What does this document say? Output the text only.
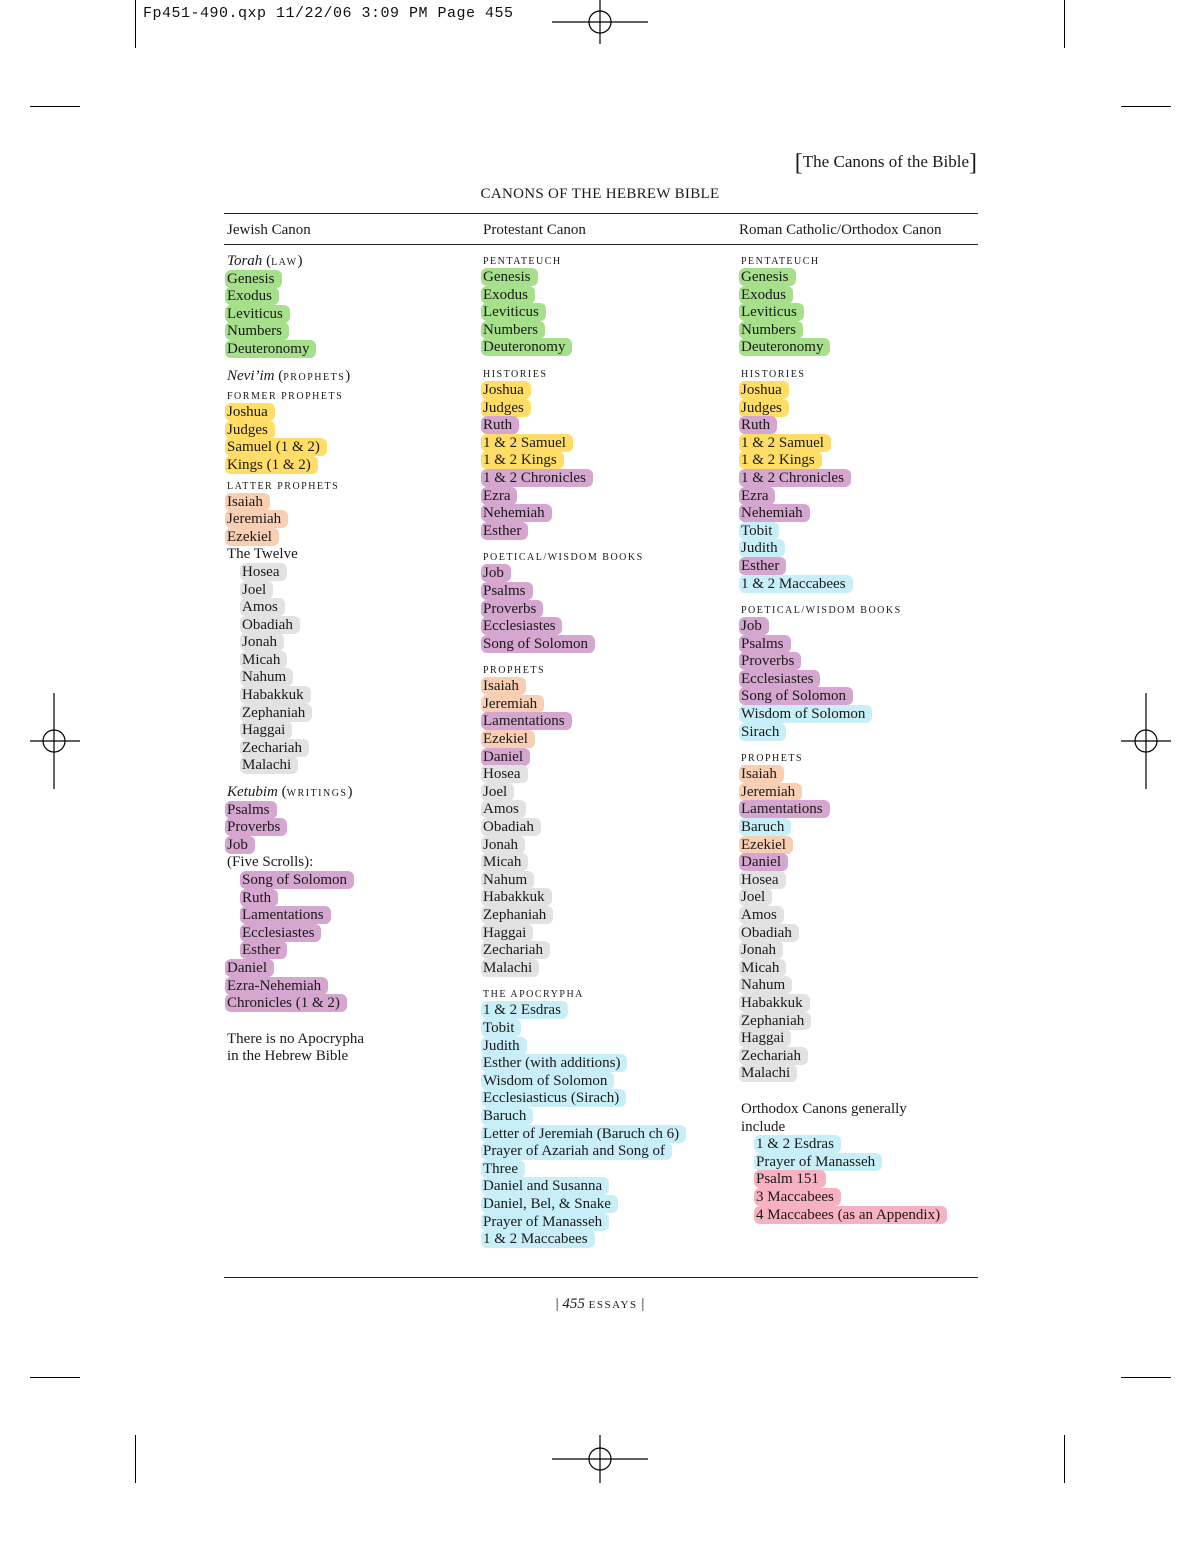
Fp451-490.qxp 11/22/06 3:09 PM Page 455
[The Canons of the Bible]
CANONS OF THE HEBREW BIBLE
Jewish Canon	Protestant Canon	Roman Catholic/Orthodox Canon
Torah (LAW)
Genesis
Exodus
Leviticus
Numbers
Deuteronomy
Nevi’im (PROPHETS)
FORMER PROPHETS
Joshua
Judges
Samuel (1 & 2)
Kings (1 & 2)
LATTER PROPHETS
Isaiah
Jeremiah
Ezekiel
The Twelve
Hosea
Joel
Amos
Obadiah
Jonah
Micah
Nahum
Habakkuk
Zephaniah
Haggai
Zechariah
Malachi
Ketubim (WRITINGS)
Psalms
Proverbs
Job
(Five Scrolls):
Song of Solomon
Ruth
Lamentations
Ecclesiastes
Esther
Daniel
Ezra-Nehemiah
Chronicles (1 & 2)
There is no Apocrypha
in the Hebrew Bible
PENTATEUCH
Genesis
Exodus
Leviticus
Numbers
Deuteronomy
HISTORIES
Joshua
Judges
Ruth
1 & 2 Samuel
1 & 2 Kings
1 & 2 Chronicles
Ezra
Nehemiah
Esther
POETICAL/WISDOM BOOKS
Job
Psalms
Proverbs
Ecclesiastes
Song of Solomon
PROPHETS
Isaiah
Jeremiah
Lamentations
Ezekiel
Daniel
Hosea
Joel
Amos
Obadiah
Jonah
Micah
Nahum
Habakkuk
Zephaniah
Haggai
Zechariah
Malachi
THE APOCRYPHA
1 & 2 Esdras
Tobit
Judith
Esther (with additions)
Wisdom of Solomon
Ecclesiasticus (Sirach)
Baruch
Letter of Jeremiah (Baruch ch 6)
Prayer of Azariah and Song of
Three
Daniel and Susanna
Daniel, Bel, & Snake
Prayer of Manasseh
1 & 2 Maccabees
PENTATEUCH
Genesis
Exodus
Leviticus
Numbers
Deuteronomy
HISTORIES
Joshua
Judges
Ruth
1 & 2 Samuel
1 & 2 Kings
1 & 2 Chronicles
Ezra
Nehemiah
Tobit
Judith
Esther
1 & 2 Maccabees
POETICAL/WISDOM BOOKS
Job
Psalms
Proverbs
Ecclesiastes
Song of Solomon
Wisdom of Solomon
Sirach
PROPHETS
Isaiah
Jeremiah
Lamentations
Baruch
Ezekiel
Daniel
Hosea
Joel
Amos
Obadiah
Jonah
Micah
Nahum
Habakkuk
Zephaniah
Haggai
Zechariah
Malachi
Orthodox Canons generally
include
1 & 2 Esdras
Prayer of Manasseh
Psalm 151
3 Maccabees
4 Maccabees (as an Appendix)
| 455 ESSAYS |
